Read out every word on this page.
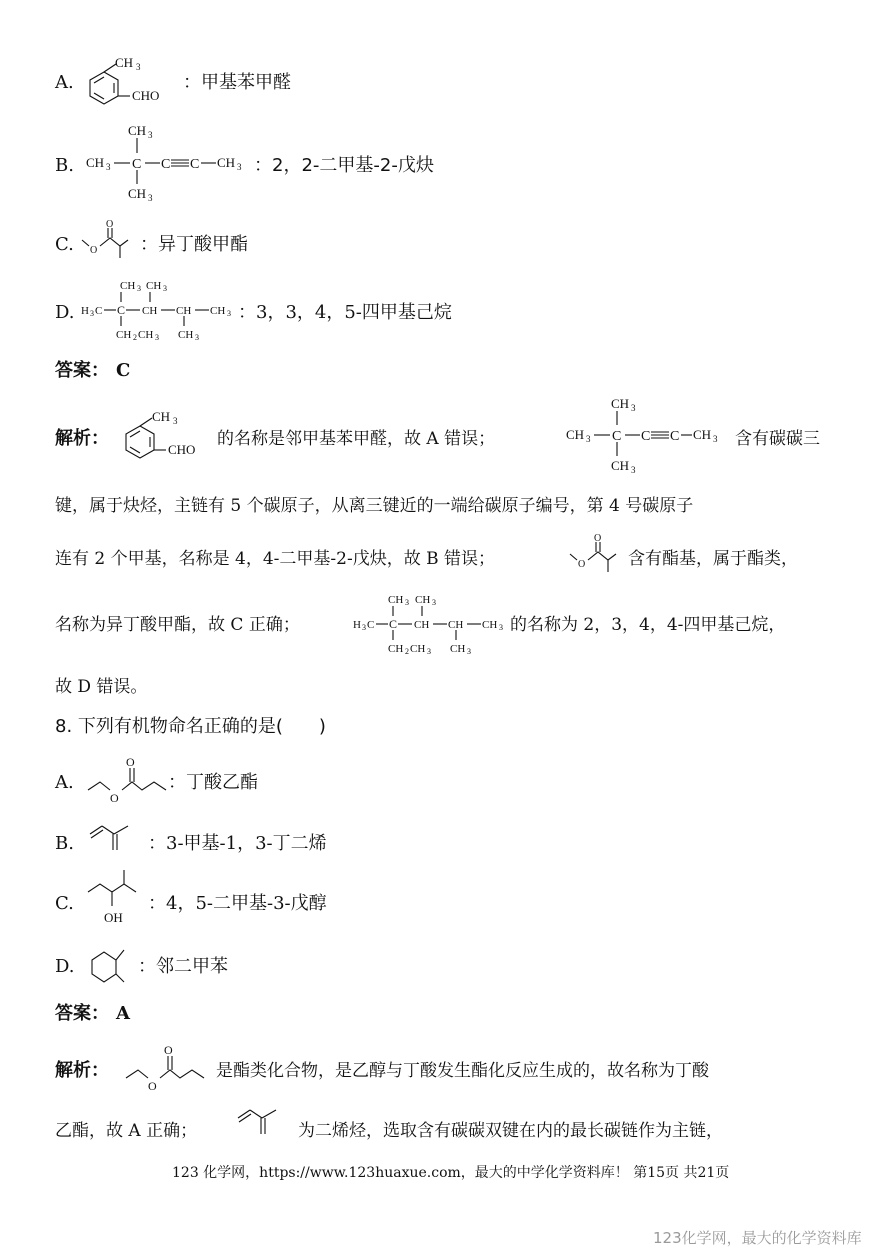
A.
CH 3
CHO
：甲基苯甲醛
B. CH 3 C
CH 3
CH 3
C C CH 3 ：2，2-二甲基-2-戊炔
C. O
O
：异丁酸甲酯
D. H 3 C C
CH 3
CH 2 CH 3
CH
CH 3
CH
CH 3
CH 3 ：3，3，4，5-四甲基己烷
答案： C
解析：
CH 3
CHO
的名称是邻甲基苯甲醛，故 A 错误；	CH 3 C
CH 3
CH 3
C C CH 3 含有碳碳三
键，属于炔烃，主链有 5 个碳原子，从离三键近的一端给碳原子编号，第 4 号碳原子
连有 2 个甲基，名称是 4，4-二甲基-2-戊炔，故 B 错误；	O
O
含有酯基，属于酯类，
名称为异丁酸甲酯，故 C 正确；	H 3 C C
CH 3
CH 2 CH 3
CH
CH 3
CH
CH 3
CH 3 的名称为 2，3，4，4-四甲基己烷，
故 D 错误。
8. 下列有机物命名正确的是(　　)
A.
O
O
：丁酸乙酯
B.	：3-甲基-1，3-丁二烯
C.
OH
：4，5-二甲基-3-戊醇
D.	：邻二甲苯
答案： A
解析：
O
O
是酯类化合物，是乙醇与丁酸发生酯化反应生成的，故名称为丁酸
乙酯，故 A 正确；	为二烯烃，选取含有碳碳双键在内的最长碳链作为主链，
123 化学网，https://www.123huaxue.com，最大的中学化学资料库！ 第15页 共21页
123化学网，最大的化学资料库
